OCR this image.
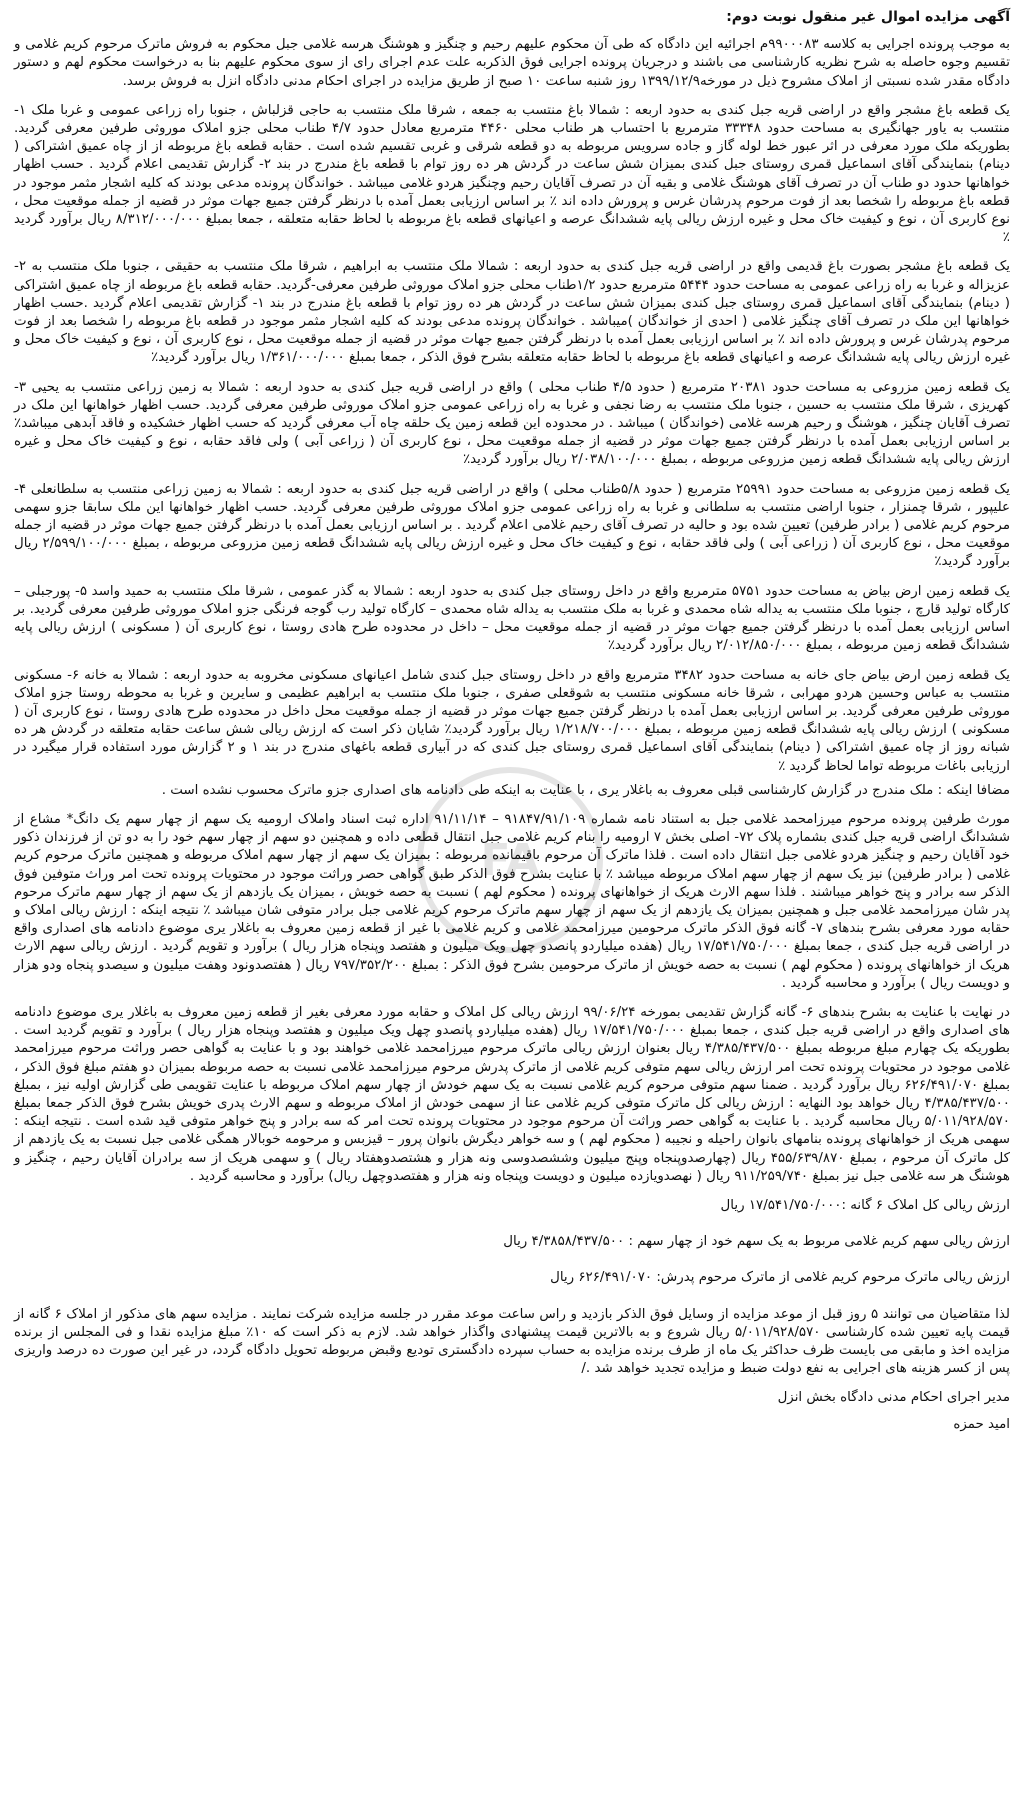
FA
آگهی مزایده اموال غیر منقول نوبت دوم:

به موجب پرونده اجرایی به کلاسه ۹۹۰۰۰۸۳م اجرائیه این دادگاه که طی آن محکوم علیهم رحیم و چنگیز و هوشنگ هرسه غلامی جبل محکوم به فروش ماترک مرحوم کریم غلامی و تقسیم وجوه حاصله به شرح نظریه کارشناسی می باشند و درجریان پرونده اجرایی فوق الذکربه علت عدم اجرای رای از سوی محکوم علیهم بنا به درخواست محکوم لهم و دستور دادگاه مقدر شده نسبتی از املاک مشروح ذیل در مورخه۱۳۹۹/۱۲/۹ روز شنبه ساعت ۱۰ صبح از طریق مزایده در اجرای احکام مدنی دادگاه انزل به فروش برسد.

یک قطعه باغ مشجر واقع در اراضی قریه جبل کندی به حدود اربعه : شمالا باغ منتسب به جمعه ، شرقا ملک منتسب به حاجی قزلباش ، جنوبا راه زراعی عمومی و غربا ملک ۱- منتسب به یاور جهانگیری به مساحت حدود ۳۳۳۴۸ مترمربع با احتساب هر طناب محلی ۴۴۶۰ مترمربع معادل حدود ۴/۷ طناب محلی جزو املاک موروثی طرفین معرفی گردید. بطوریکه ملک مورد معرفی در اثر عبور خط لوله گاز و جاده سرویس مربوطه به دو قطعه شرقی و غربی تقسیم شده است . حقابه قطعه باغ مربوطه از از چاه عمیق اشتراکی ( دینام) بنمایندگی آقای اسماعیل قمری روستای جبل کندی بمیزان شش ساعت در گردش هر ده روز توام با قطعه باغ مندرج در بند ۲- گزارش تقدیمی اعلام گردید . حسب اظهار خواهانها حدود دو طناب آن در تصرف آقای هوشنگ غلامی و بقیه آن در تصرف آقایان رحیم وچنگیز هردو غلامی میباشد . خواندگان پرونده مدعی بودند که کلیه اشجار مثمر موجود در قطعه باغ مربوطه را شخصا بعد از فوت مرحوم پدرشان غرس و پرورش داده اند ٪ بر اساس ارزیابی بعمل آمده با درنظر گرفتن جمیع جهات موثر در قضیه از جمله موقعیت محل ، نوع کاربری آن ، نوع و کیفیت خاک محل و غیره ارزش ریالی پایه ششدانگ عرصه و اعیانهای قطعه باغ مربوطه با لحاظ حقابه متعلقه ، جمعا بمبلغ ۸/۳۱۲/۰۰۰/۰۰۰ ریال برآورد گردید ٪

یک قطعه باغ مشجر بصورت باغ قدیمی واقع در اراضی قریه جبل کندی به حدود اربعه : شمالا ملک منتسب به ابراهیم ، شرقا ملک منتسب به حقیقی ، جنوبا ملک منتسب به ۲- عزیزاله و غربا به راه زراعی عمومی به مساحت حدود ۵۴۴۴ مترمربع حدود ۱/۲طناب محلی جزو املاک موروثی طرفین معرفی-گردید. حقابه قطعه باغ مربوطه از چاه عمیق اشتراکی ( دینام) بنمایندگی آقای اسماعیل قمری روستای جبل کندی بمیزان شش ساعت در گردش هر ده روز توام با قطعه باغ مندرج در بند ۱- گزارش تقدیمی اعلام گردید .حسب اظهار خواهانها این ملک در تصرف آقای چنگیز غلامی ( احدی از خواندگان )میباشد . خواندگان پرونده مدعی بودند که کلیه اشجار مثمر موجود در قطعه باغ مربوطه را شخصا بعد از فوت مرحوم پدرشان غرس و پرورش داده اند ٪ بر اساس ارزیابی بعمل آمده با درنظر گرفتن جمیع جهات موثر در قضیه از جمله موقعیت محل ، نوع کاربری آن ، نوع و کیفیت خاک محل و غیره ارزش ریالی پایه ششدانگ عرصه و اعیانهای قطعه باغ مربوطه با لحاظ حقابه متعلقه بشرح فوق الذکر ، جمعا بمبلغ ۱/۳۶۱/۰۰۰/۰۰۰ ریال برآورد گردید٪

یک قطعه زمین مزروعی به مساحت حدود ۲۰۳۸۱ مترمربع ( حدود ۴/۵ طناب محلی ) واقع در اراضی قریه جبل کندی به حدود اربعه : شمالا به زمین زراعی منتسب به یحیی ۳- کهریزی ، شرقا ملک منتسب به حسین ، جنوبا ملک منتسب به رضا نجفی و غربا به راه زراعی عمومی جزو املاک موروثی طرفین معرفی گردید. حسب اظهار خواهانها این ملک در تصرف آقایان چنگیز ، هوشنگ و رحیم هرسه غلامی (خواندگان ) میباشد . در محدوده این قطعه زمین یک حلقه چاه آب معرفی گردید که حسب اظهار خشکیده و فاقد آبدهی میباشد٪ بر اساس ارزیابی بعمل آمده با درنظر گرفتن جمیع جهات موثر در قضیه از جمله موقعیت محل ، نوع کاربری آن ( زراعی آبی ) ولی فاقد حقابه ، نوع و کیفیت خاک محل و غیره ارزش ریالی پایه ششدانگ قطعه زمین مزروعی مربوطه ، بمبلغ ۲/۰۳۸/۱۰۰/۰۰۰ ریال برآورد گردید٪

یک قطعه زمین مزروعی به مساحت حدود ۲۵۹۹۱ مترمربع ( حدود ۵/۸طناب محلی ) واقع در اراضی قریه جبل کندی به حدود اربعه : شمالا به زمین زراعی منتسب به سلطانعلی ۴- علیپور ، شرقا چمنزار ، جنوبا اراضی منتسب به سلطانی و غربا به راه زراعی عمومی جزو املاک موروثی طرفین معرفی گردید. حسب اظهار خواهانها این ملک سابقا جزو سهمی مرحوم کریم غلامی ( برادر طرفین) تعیین شده بود و حالیه در تصرف آقای رحیم غلامی اعلام گردید . بر اساس ارزیابی بعمل آمده با درنظر گرفتن جمیع جهات موثر در قضیه از جمله موقعیت محل ، نوع کاربری آن ( زراعی آبی ) ولی فاقد حقابه ، نوع و کیفیت خاک محل و غیره ارزش ریالی پایه ششدانگ قطعه زمین مزروعی مربوطه ، بمبلغ ۲/۵۹۹/۱۰۰/۰۰۰ ریال برآورد گردید٪

یک قطعه زمین ارض بیاض به مساحت حدود ۵۷۵۱ مترمربع واقع در داخل روستای جبل کندی به حدود اربعه : شمالا به گذر عمومی ، شرقا ملک منتسب به حمید واسد ۵- پورجبلی – کارگاه تولید قارچ ، جنوبا ملک منتسب به یداله شاه محمدی و غربا به ملک منتسب به یداله شاه محمدی – کارگاه تولید رب گوجه فرنگی جزو املاک موروثی طرفین معرفی گردید. بر اساس ارزیابی بعمل آمده با درنظر گرفتن جمیع جهات موثر در قضیه از جمله موقعیت محل – داخل در محدوده طرح هادی روستا ، نوع کاربری آن ( مسکونی ) ارزش ریالی پایه ششدانگ قطعه زمین مربوطه ، بمبلغ ۲/۰۱۲/۸۵۰/۰۰۰ ریال برآورد گردید٪

یک قطعه زمین ارض بیاض جای خانه به مساحت حدود ۳۴۸۲ مترمربع واقع در داخل روستای جبل کندی شامل اعیانهای مسکونی مخروبه به حدود اربعه : شمالا به خانه ۶- مسکونی منتسب به عباس وحسین هردو مهرابی ، شرقا خانه مسکونی منتسب به شوقعلی صفری ، جنوبا ملک منتسب به ابراهیم عظیمی و سایرین و غربا به محوطه روستا جزو املاک موروثی طرفین معرفی گردید. بر اساس ارزیابی بعمل آمده با درنظر گرفتن جمیع جهات موثر در قضیه از جمله موقعیت محل داخل در محدوده طرح هادی روستا ، نوع کاربری آن ( مسکونی ) ارزش ریالی پایه ششدانگ قطعه زمین مربوطه ، بمبلغ ۱/۲۱۸/۷۰۰/۰۰۰ ریال برآورد گردید٪ شایان ذکر است که ارزش ریالی شش ساعت حقابه متعلقه در گردش هر ده شبانه روز از چاه عمیق اشتراکی ( دینام) بنمایندگی آقای اسماعیل قمری روستای جبل کندی که در آبیاری قطعه باغهای مندرج در بند ۱ و ۲ گزارش مورد استفاده قرار میگیرد در ارزیابی باغات مربوطه تواما لحاظ گردید ٪

مضافا اینکه : ملک مندرج در گزارش کارشناسی قبلی معروف به باغلار یری ، با عنایت به اینکه طی دادنامه های اصداری جزو ماترک محسوب نشده است .

مورث طرفین پرونده مرحوم میرزامحمد غلامی جبل به استناد نامه شماره ۹۱۸۴۷/۹۱/۱۰۹ – ۹۱/۱۱/۱۴ اداره ثبت اسناد واملاک ارومیه یک سهم از چهار سهم یک دانگ* مشاع از ششدانگ اراضی قریه جبل کندی بشماره پلاک ۷۲- اصلی بخش ۷ ارومیه را بنام کریم غلامی جبل انتقال قطعی داده و همچنین دو سهم از چهار سهم خود را به دو تن از فرزندان ذکور خود آقایان رحیم و چنگیز هردو غلامی جبل انتقال داده است . فلذا ماترک آن مرحوم باقیمانده مربوطه : بمیزان یک سهم از چهار سهم املاک مربوطه و همچنین ماترک مرحوم کریم غلامی ( برادر طرفین) نیز یک سهم از چهار سهم املاک مربوطه میباشد ٪ با عنایت بشرح فوق الذکر طبق گواهی حصر وراثت موجود در محتویات پرونده تحت امر وراث متوفین فوق الذکر سه برادر و پنج خواهر میباشند . فلذا سهم الارث هریک از خواهانهای پرونده ( محکوم لهم ) نسبت به حصه خویش ، بمیزان یک یازدهم از یک سهم از چهار سهم ماترک مرحوم پدر شان میرزامحمد غلامی جبل و همچنین بمیزان یک یازدهم از یک سهم از چهار سهم ماترک مرحوم کریم غلامی جبل برادر متوفی شان میباشد ٪ نتیجه اینکه : ارزش ریالی املاک و حقابه مورد معرفی بشرح بندهای ۷- گانه فوق الذکر ماترک مرحومین میرزامحمد غلامی و کریم غلامی با غیر از قطعه زمین معروف به باغلار یری موضوع دادنامه های اصداری واقع در اراضی قریه جبل کندی ، جمعا بمبلغ ۱۷/۵۴۱/۷۵۰/۰۰۰ ریال (هفده میلیاردو پانصدو چهل ویک میلیون و هفتصد وپنجاه هزار ریال ) برآورد و تقویم گردید . ارزش ریالی سهم الارث هریک از خواهانهای پرونده ( محکوم لهم ) نسبت به حصه خویش از ماترک مرحومین بشرح فوق الذکر : بمبلغ ۷۹۷/۳۵۲/۲۰۰ ریال ( هفتصدونود وهفت میلیون و سیصدو پنجاه ودو هزار و دویست ریال ) برآورد و محاسبه گردید .

در نهایت با عنایت به بشرح بندهای ۶- گانه گزارش تقدیمی بمورخه ۹۹/۰۶/۲۴ ارزش ریالی کل املاک و حقابه مورد معرفی بغیر از قطعه زمین معروف به باغلار یری موضوع دادنامه های اصداری واقع در اراضی قریه جبل کندی ، جمعا بمبلغ ۱۷/۵۴۱/۷۵۰/۰۰۰ ریال (هفده میلیاردو پانصدو چهل ویک میلیون و هفتصد وپنجاه هزار ریال ) برآورد و تقویم گردید است . بطوریکه یک چهارم مبلغ مربوطه بمبلغ ۴/۳۸۵/۴۳۷/۵۰۰ ریال بعنوان ارزش ریالی ماترک مرحوم میرزامحمد غلامی خواهند بود و با عنایت به گواهی حصر وراثت مرحوم میرزامحمد غلامی موجود در محتویات پرونده تحت امر ارزش ریالی سهم متوفی کریم غلامی از ماترک پدرش مرحوم میرزامحمد غلامی نسبت به حصه مربوطه بمیزان دو هفتم مبلغ فوق الذکر ، بمبلغ ۶۲۶/۴۹۱/۰۷۰ ریال برآورد گردید . ضمنا سهم متوفی مرحوم کریم غلامی نسبت به یک سهم خودش از چهار سهم املاک مربوطه با عنایت تقویمی طی گزارش اولیه نیز ، بمبلغ ۴/۳۸۵/۴۳۷/۵۰۰ ریال خواهد بود النهایه : ارزش ریالی کل ماترک متوفی کریم غلامی عنا از سهمی خودش از املاک مربوطه و سهم الارث پدری خویش بشرح فوق الذکر جمعا بمبلغ ۵/۰۱۱/۹۲۸/۵۷۰ ریال محاسبه گردید . با عنایت به گواهی حصر وراثت آن مرحوم موجود در محتویات پرونده تحت امر که سه برادر و پنج خواهر متوفی قید شده است . نتیجه اینکه : سهمی هریک از خواهانهای پرونده بنامهای بانوان راحیله و نجیبه ( محکوم لهم ) و سه خواهر دیگرش بانوان پرور – قیزبس و مرحومه خوبالار همگی غلامی جبل نسبت به یک یازدهم از کل ماترک آن مرحوم ، بمبلغ ۴۵۵/۶۳۹/۸۷۰ ریال (چهارصدوپنجاه وپنج میلیون وششصدوسی ونه هزار و هشتصدوهفتاد ریال ) و سهمی هریک از سه برادران آقایان رحیم ، چنگیز و هوشنگ هر سه غلامی جبل نیز بمبلغ ۹۱۱/۲۵۹/۷۴۰ ریال ( نهصدویازده میلیون و دویست وپنجاه ونه هزار و هفتصدوچهل ریال) برآورد و محاسبه گردید .

ارزش ریالی کل املاک ۶ گانه :۱۷/۵۴۱/۷۵۰/۰۰۰ ریال

ارزش ریالی سهم کریم غلامی مربوط به یک سهم خود از چهار سهم : ۴/۳۸۵۸/۴۳۷/۵۰۰ ریال

ارزش ریالی ماترک مرحوم کریم غلامی از ماترک مرحوم پدرش: ۶۲۶/۴۹۱/۰۷۰ ریال

لذا متقاضیان می توانند ۵ روز قبل از موعد مزایده از وسایل فوق الذکر بازدید و راس ساعت موعد مقرر در جلسه مزایده شرکت نمایند . مزایده سهم های مذکور از املاک ۶ گانه از قیمت پایه تعیین شده کارشناسی ۵/۰۱۱/۹۲۸/۵۷۰ ریال شروع و به بالاترین قیمت پیشنهادی واگذار خواهد شد. لازم به ذکر است که ۱۰٪ مبلغ مزایده نقدا و فی المجلس از برنده مزایده اخذ و مابقی می بایست ظرف حداکثر یک ماه از طرف برنده مزایده به حساب سپرده دادگستری تودیع وقبض مربوطه تحویل دادگاه گردد، در غیر این صورت ده درصد واریزی پس از کسر هزینه های اجرایی به نفع دولت ضبط و مزایده تجدید خواهد شد ./

مدیر اجرای احکام مدنی دادگاه بخش انزل

امید حمزه
